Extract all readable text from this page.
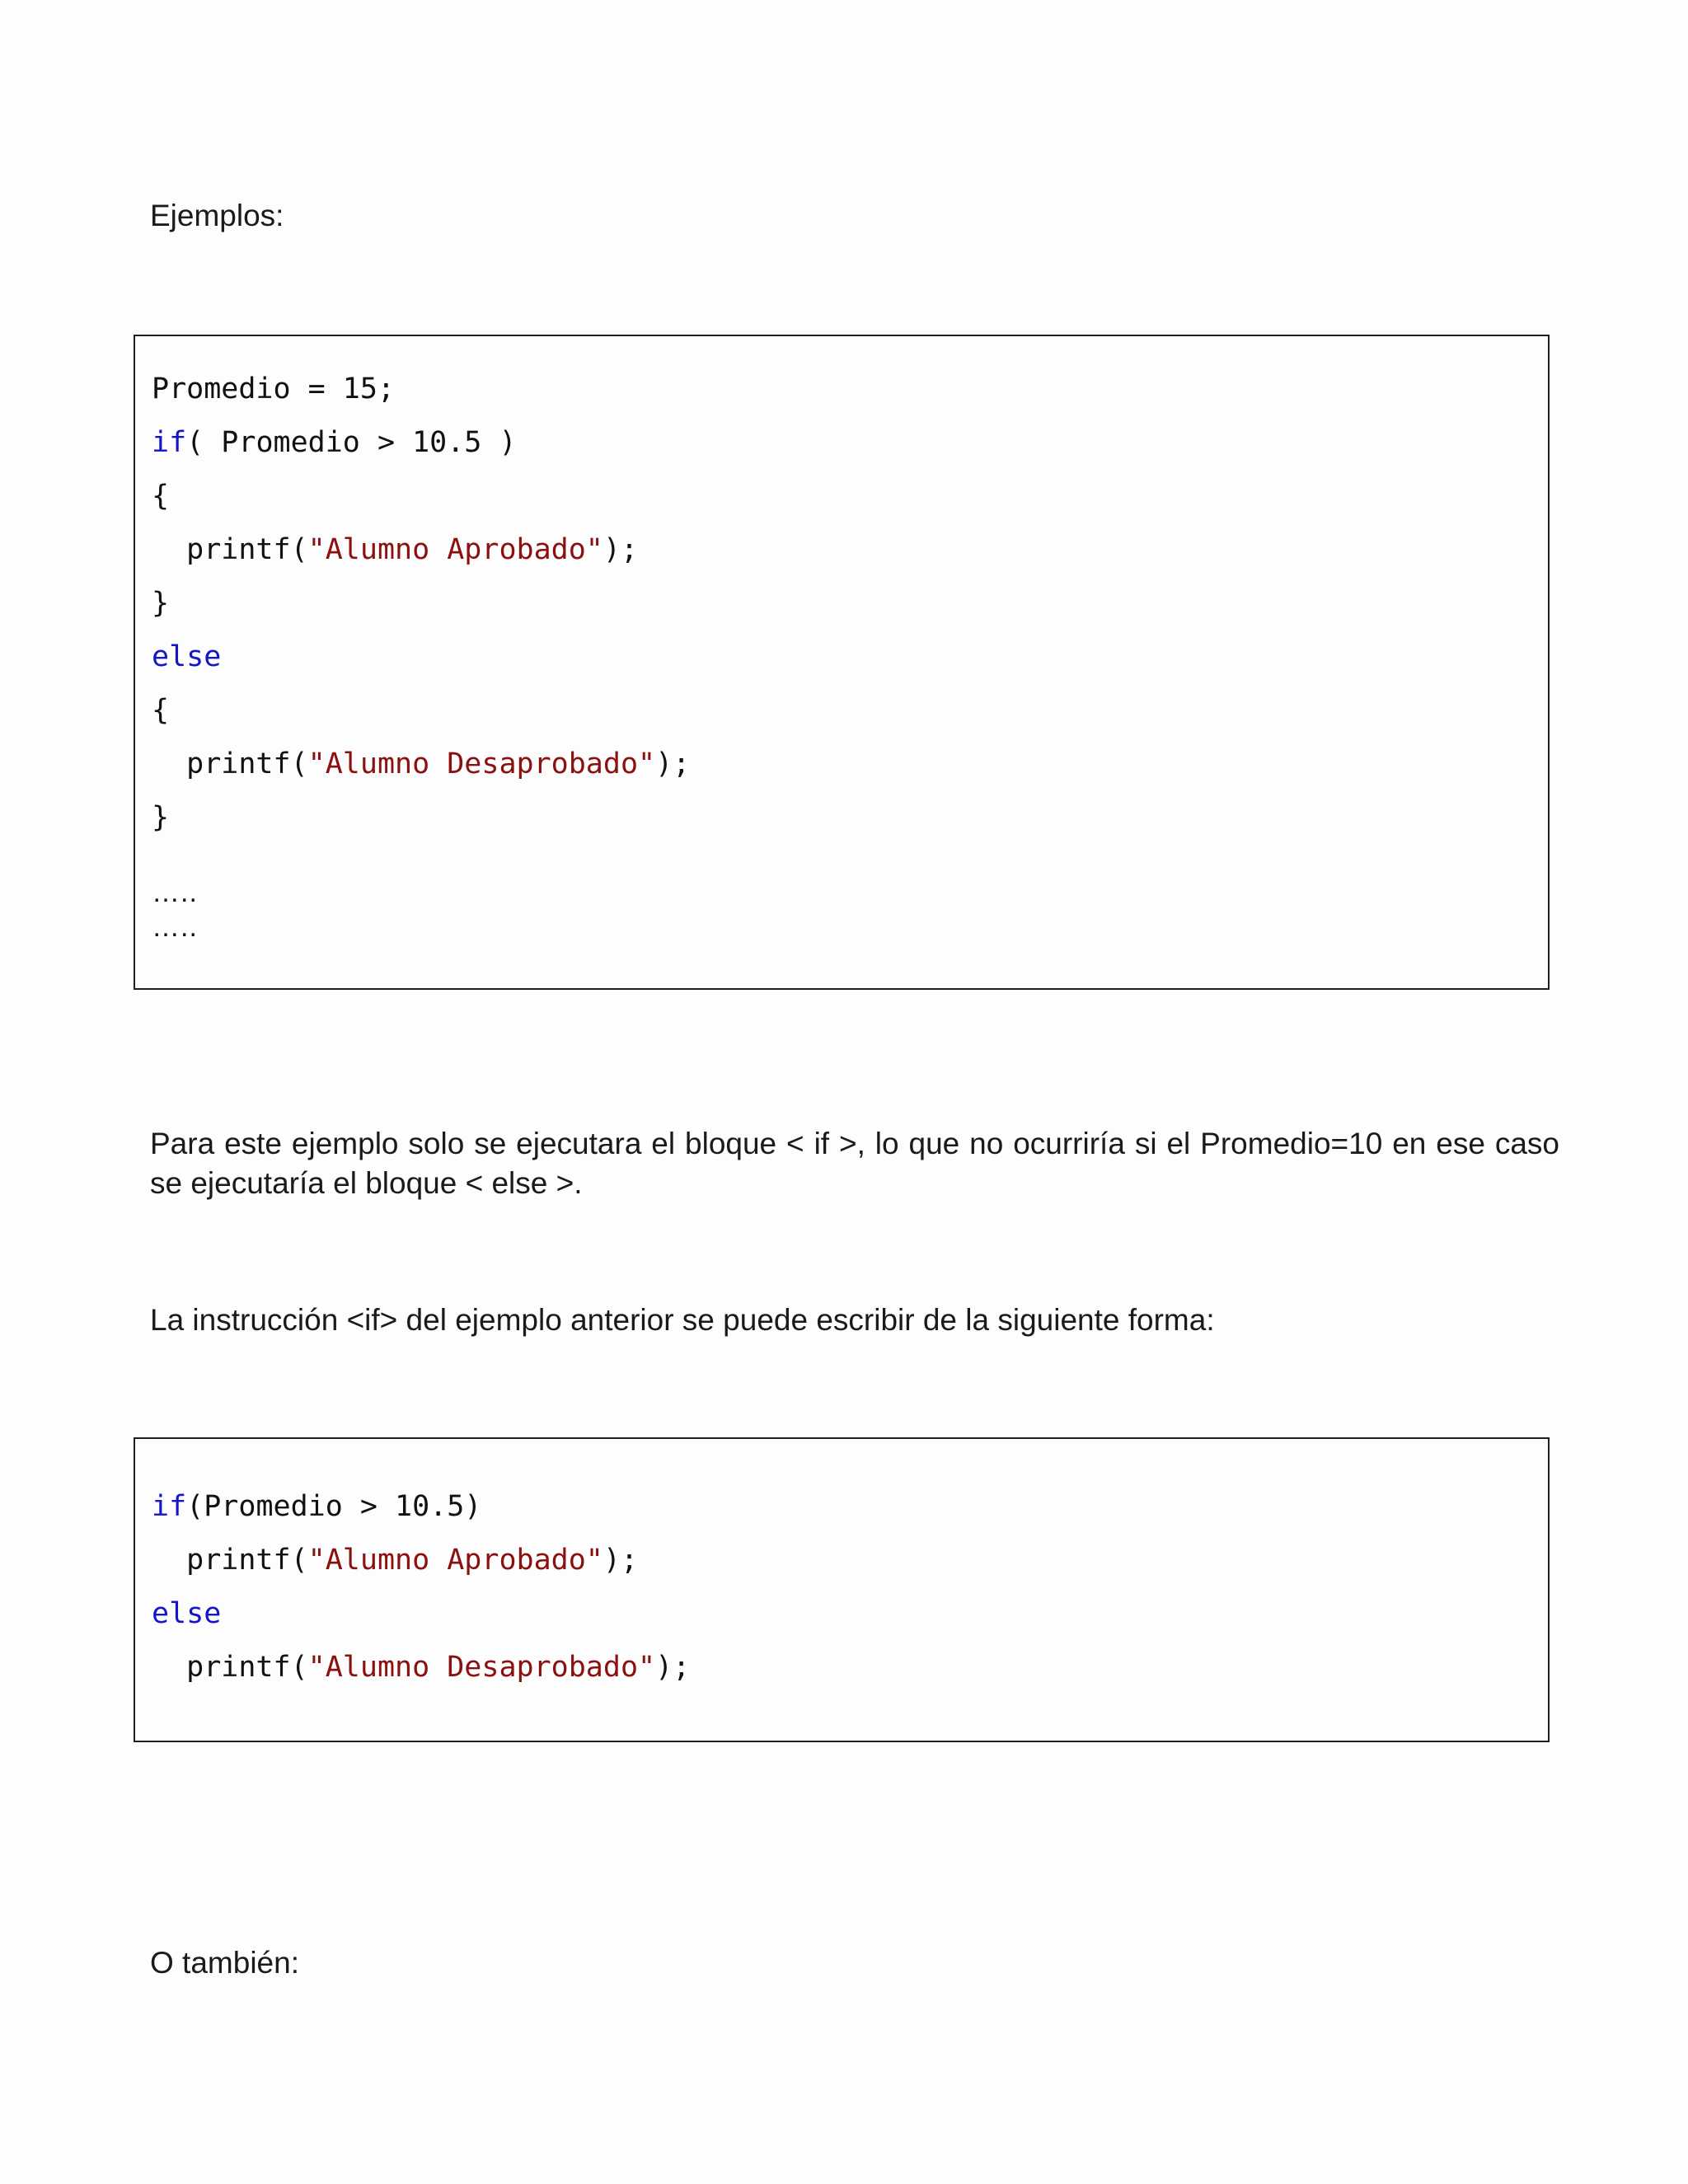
Ejemplos:

Promedio = 15;
if( Promedio > 10.5 )
{
printf("Alumno Aprobado");
}
else
{
printf("Alumno Desaprobado");
}
…..
…..

Para este ejemplo solo se ejecutara el bloque < if >, lo que no ocurriría si el Promedio=10 en ese caso se ejecutaría el bloque < else >.

La instrucción <if> del ejemplo anterior se puede escribir de la siguiente forma:

if(Promedio > 10.5)
printf("Alumno Aprobado");
else
printf("Alumno Desaprobado");

O también:
